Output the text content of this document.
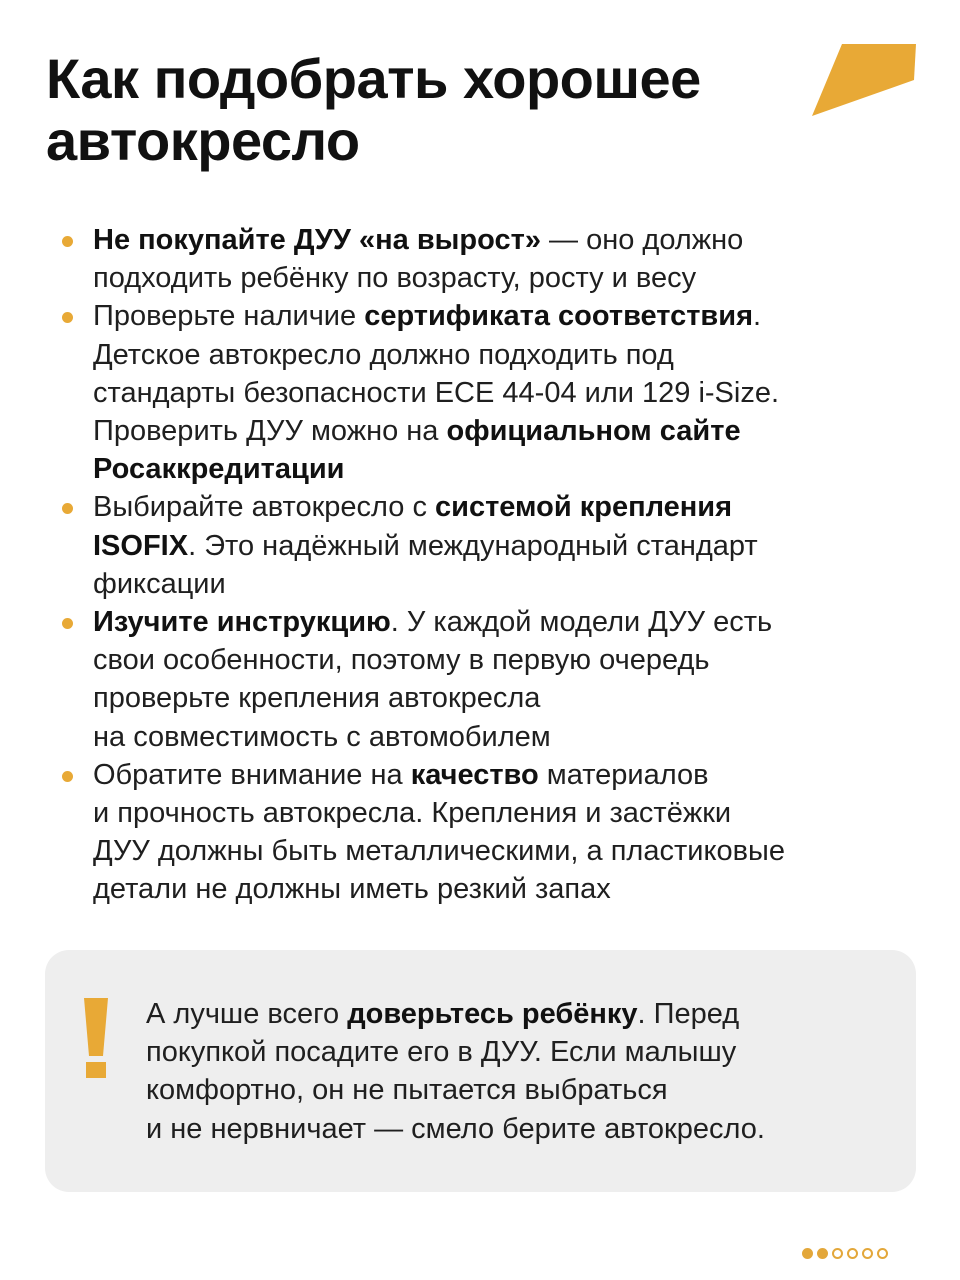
Как подобрать хорошее
автокресло
Не покупайте ДУУ «на вырост» — оно должно
подходить ребёнку по возрасту, росту и весу
Проверьте наличие сертификата соответствия.
Детское автокресло должно подходить под
стандарты безопасности ECE 44-04 или 129 i-Size.
Проверить ДУУ можно на официальном сайте
Росаккредитации
Выбирайте автокресло с системой крепления
ISOFIX. Это надёжный международный стандарт
фиксации
Изучите инструкцию. У каждой модели ДУУ есть
свои особенности, поэтому в первую очередь
проверьте крепления автокресла
на совместимость с автомобилем
Обратите внимание на качество материалов
и прочность автокресла. Крепления и застёжки
ДУУ должны быть металлическими, а пластиковые
детали не должны иметь резкий запах
А лучше всего доверьтесь ребёнку. Перед
покупкой посадите его в ДУУ. Если малышу
комфортно, он не пытается выбраться
и не нервничает — смело берите автокресло.
